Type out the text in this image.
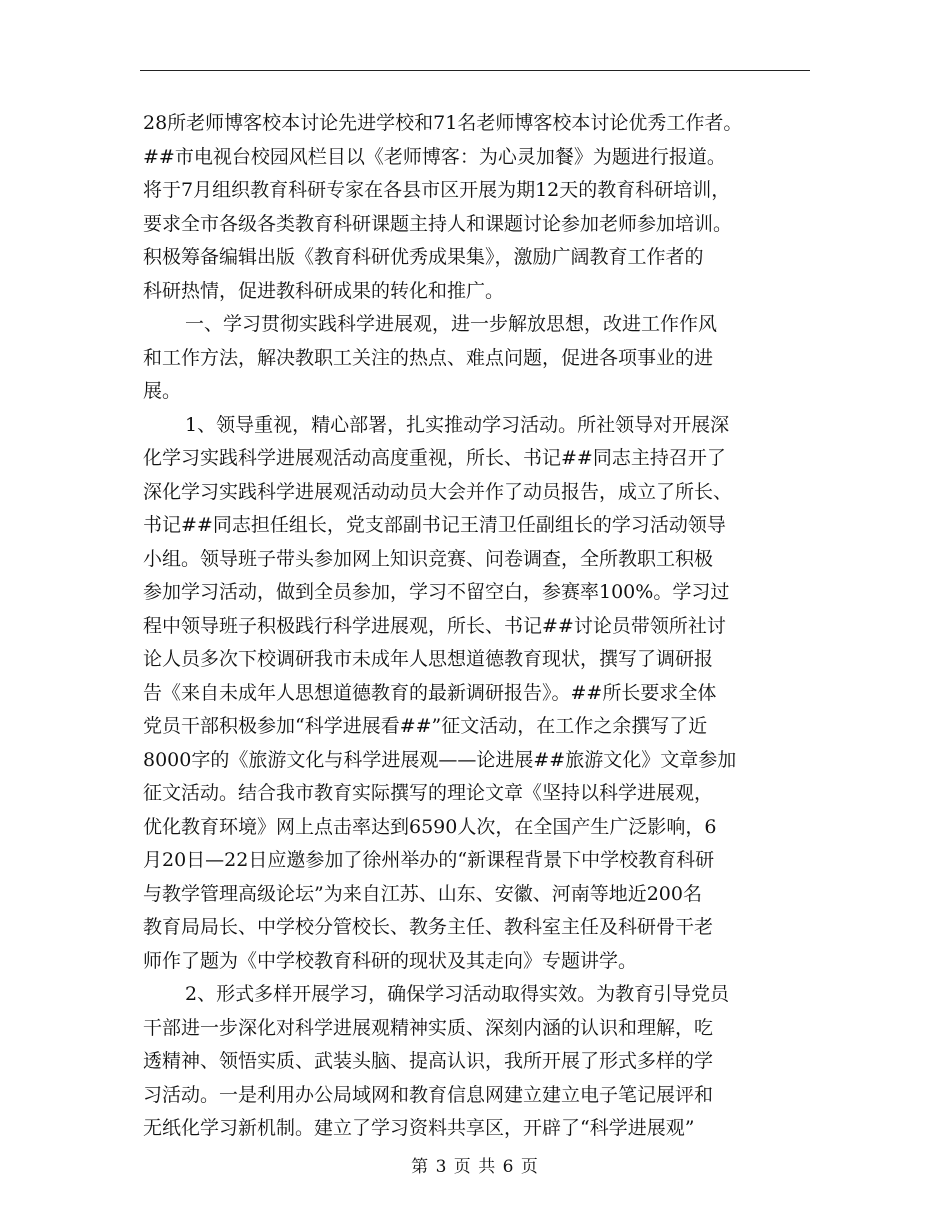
28所老师博客校本讨论先进学校和71名老师博客校本讨论优秀工作者。
##市电视台校园风栏目以《老师博客：为心灵加餐》为题进行报道。
将于7月组织教育科研专家在各县市区开展为期12天的教育科研培训，
要求全市各级各类教育科研课题主持人和课题讨论参加老师参加培训。
积极筹备编辑出版《教育科研优秀成果集》，激励广阔教育工作者的
科研热情，促进教科研成果的转化和推广。
一、学习贯彻实践科学进展观，进一步解放思想，改进工作作风
和工作方法，解决教职工关注的热点、难点问题，促进各项事业的进
展。
1、领导重视，精心部署，扎实推动学习活动。所社领导对开展深
化学习实践科学进展观活动高度重视，所长、书记##同志主持召开了
深化学习实践科学进展观活动动员大会并作了动员报告，成立了所长、
书记##同志担任组长，党支部副书记王清卫任副组长的学习活动领导
小组。领导班子带头参加网上知识竞赛、问卷调查，全所教职工积极
参加学习活动，做到全员参加，学习不留空白，参赛率100%。学习过
程中领导班子积极践行科学进展观，所长、书记##讨论员带领所社讨
论人员多次下校调研我市未成年人思想道德教育现状，撰写了调研报
告《来自未成年人思想道德教育的最新调研报告》。##所长要求全体
党员干部积极参加“科学进展看##”征文活动，在工作之余撰写了近
8000字的《旅游文化与科学进展观——论进展##旅游文化》文章参加
征文活动。结合我市教育实际撰写的理论文章《坚持以科学进展观，
优化教育环境》网上点击率达到6590人次，在全国产生广泛影响，6
月20日—22日应邀参加了徐州举办的“新课程背景下中学校教育科研
与教学管理高级论坛”为来自江苏、山东、安徽、河南等地近200名
教育局局长、中学校分管校长、教务主任、教科室主任及科研骨干老
师作了题为《中学校教育科研的现状及其走向》专题讲学。
2、形式多样开展学习，确保学习活动取得实效。为教育引导党员
干部进一步深化对科学进展观精神实质、深刻内涵的认识和理解，吃
透精神、领悟实质、武装头脑、提高认识，我所开展了形式多样的学
习活动。一是利用办公局域网和教育信息网建立建立电子笔记展评和
无纸化学习新机制。建立了学习资料共享区，开辟了“科学进展观”
第 3 页 共 6 页
